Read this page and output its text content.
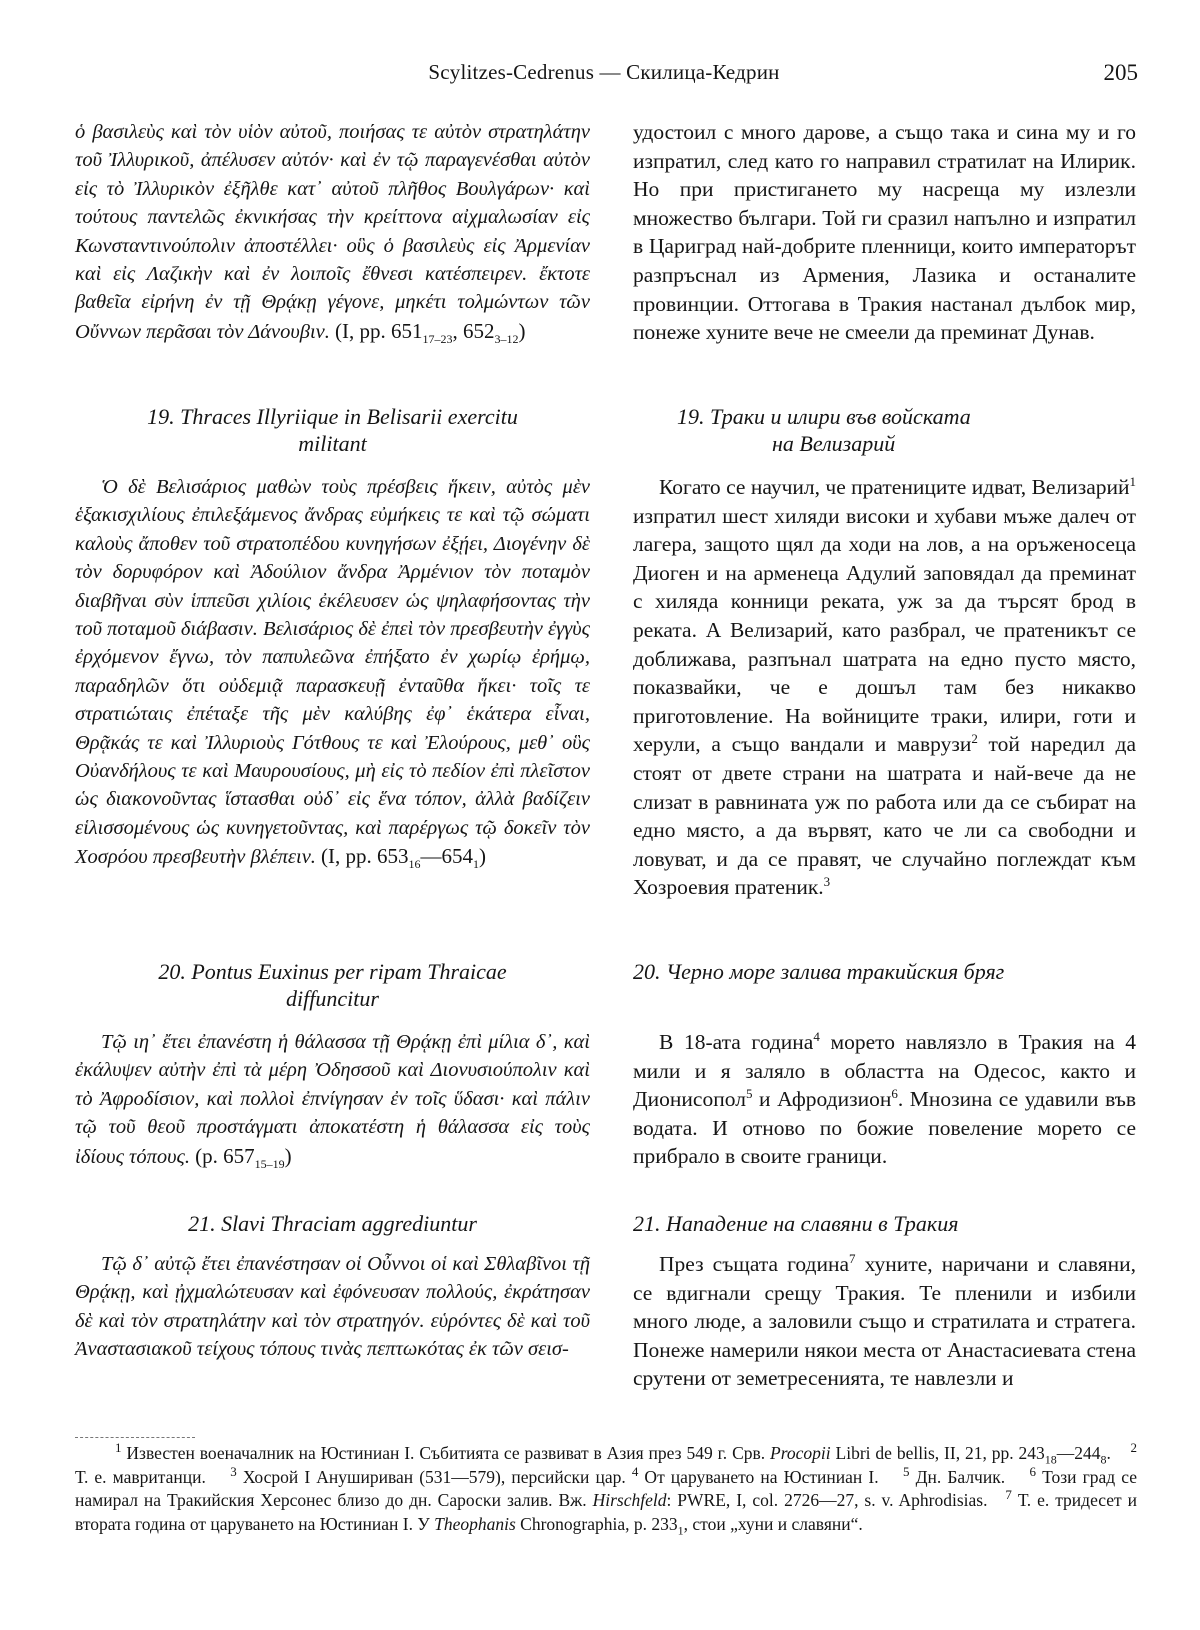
Scylitzes-Cedrenus — Скилица-Кедрин	205

ὁ βασιλεὺς καὶ τὸν υἱὸν αὐτοῦ, ποιήσας τε αὐτὸν στρατηλάτην τοῦ Ἰλλυρικοῦ, ἀπέλυσεν αὐτόν· καὶ ἐν τῷ παραγενέσθαι αὐτὸν εἰς τὸ Ἰλλυρικὸν ἐξῆλθε κατ᾿ αὐτοῦ πλῆθος Βουλγάρων· καὶ τούτους παντελῶς ἐκνικήσας τὴν κρείττονα αἰχμαλωσίαν εἰς Κωνσταντινούπολιν ἀποστέλλει· οὓς ὁ βασιλεὺς εἰς Ἀρμενίαν καὶ εἰς Λαζικὴν καὶ ἐν λοιποῖς ἔθνεσι κατέσπειρεν. ἔκτοτε βαθεῖα εἰρήνη ἐν τῇ Θρᾴκῃ γέγονε, μηκέτι τολμώντων τῶν Οὔννων περᾶσαι τὸν Δάνουβιν. (I, pp. $651_{17-23}$, $652_{3-12}$)

удостоил с много дарове, а също така и сина му и го изпратил, след като го направил стратилат на Илирик. Но при пристигането му насреща му излезли множество българи. Той ги сразил напълно и изпратил в Цариград най-добрите пленници, които императорът разпръснал из Армения, Лазика и останалите провинции. Оттогава в Тракия настанал дълбок мир, понеже хуните вече не смеели да преминат Дунав.

19. Thraces Illyriique in Belisarii exercitu
militant

19. Траки и илири във войската
на Велизарий

Ὁ δὲ Βελισάριος μαθὼν τοὺς πρέσβεις ἥκειν, αὐτὸς μὲν ἑξακισχιλίους ἐπιλεξάμενος ἄνδρας εὐμήκεις τε καὶ τῷ σώματι καλοὺς ἄποθεν τοῦ στρατοπέδου κυνηγήσων ἐξῄει, Διογένην δὲ τὸν δορυφόρον καὶ Ἀδούλιον ἄνδρα Ἀρμένιον τὸν ποταμὸν διαβῆναι σὺν ἱππεῦσι χιλίοις ἐκέλευσεν ὡς ψηλαφήσοντας τὴν τοῦ ποταμοῦ διάβασιν. Βελισάριος δὲ ἐπεὶ τὸν πρεσβευτὴν ἐγγὺς ἐρχόμενον ἔγνω, τὸν παπυλεῶνα ἐπήξατο ἐν χωρίῳ ἐρήμῳ, παραδηλῶν ὅτι οὐδεμιᾷ παρασκευῇ ἐνταῦθα ἥκει· τοῖς τε στρατιώταις ἐπέταξε τῆς μὲν καλύβης ἐφ᾿ ἑκάτερα εἶναι, Θρᾷκάς τε καὶ Ἰλλυριοὺς Γότθους τε καὶ Ἐλούρους, μεθ᾿ οὓς Οὐανδήλους τε καὶ Μαυρουσίους, μὴ εἰς τὸ πεδίον ἐπὶ πλεῖστον ὡς διακονοῦντας ἵστασθαι οὐδ᾿ εἰς ἕνα τόπον, ἀλλὰ βαδίζειν εἱλισσομένους ὡς κυνηγετοῦντας, καὶ παρέργως τῷ δοκεῖν τὸν Χοσρόου πρεσβευτὴν βλέπειν. (I, pp. $653_{16}—654_1$)

Когато се научил, че пратениците идват, Велизарий$^1$ изпратил шест хиляди високи и хубави мъже далеч от лагера, защото щял да ходи на лов, а на оръженосеца Диоген и на арменеца Адулий заповядал да преминат с хиляда конници реката, уж за да търсят брод в реката. А Велизарий, като разбрал, че пратеникът се доближава, разпънал шатрата на едно пусто място, показвайки, че е дошъл там без никакво приготовление. На войниците траки, илири, готи и херули, а също вандали и маврузи$^2$ той наредил да стоят от двете страни на шатрата и най-вече да не слизат в равнината уж по работа или да се събират на едно място, а да вървят, като че ли са свободни и ловуват, и да се правят, че случайно поглеждат към Хозроевия пратеник.$^3$

20. Pontus Euxinus per ripam Thraicae
diffuncitur

20. Черно море залива тракийския бряг

Τῷ ιη᾿ ἔτει ἐπανέστη ἡ θάλασσα τῇ Θρᾴκῃ ἐπὶ μίλια δ᾿, καὶ ἐκάλυψεν αὐτὴν ἐπὶ τὰ μέρη Ὀδησσοῦ καὶ Διονυσιούπολιν καὶ τὸ Ἀφροδίσιον, καὶ πολλοὶ ἐπνίγησαν ἐν τοῖς ὕδασι· καὶ πάλιν τῷ τοῦ θεοῦ προστάγματι ἀποκατέστη ἡ θάλασσα εἰς τοὺς ἰδίους τόπους. (p. $657_{15-19}$)

В 18-ата година$^4$ морето навлязло в Тракия на 4 мили и я заляло в областта на Одесос, както и Дионисопол$^5$ и Афродизион$^6$. Мнозина се удавили във водата. И отново по божие повеление морето се прибрало в своите граници.

21. Slavi Thraciam aggrediuntur	21. Нападение на славяни в Тракия

Τῷ δ᾿ αὐτῷ ἔτει ἐπανέστησαν οἱ Οὖννοι οἱ καὶ Σθλαβῖνοι τῇ Θρᾴκῃ, καὶ ᾐχμαλώτευσαν καὶ ἐφόνευσαν πολλούς, ἐκράτησαν δὲ καὶ τὸν στρατηλάτην καὶ τὸν στρατηγόν. εὑρόντες δὲ καὶ τοῦ Ἀναστασιακοῦ τείχους τόπους τινὰς πεπτωκότας ἐκ τῶν σεισ-

През същата година$^7$ хуните, наричани и славяни, се вдигнали срещу Тракия. Те пленили и избили много люде, а заловили също и стратилата и стратега. Понеже намерили някои места от Анастасиевата стена срутени от земетресенията, те навлезли и

$^1$ Известен военачалник на Юстиниан I. Събитията се развиват в Азия през 549 г. Срв. Procopii Libri de bellis, II, 21, pp. $243_{18}—244_8$. $^2$ Т. е. мавританци. $^3$ Хосрой I Анушириван (531—579), персийски цар. $^4$ От царуването на Юстиниан I. $^5$ Дн. Балчик. $^6$ Този град се намирал на Тракийския Херсонес близо до дн. Саросκи залив. Вж. Hirschfeld: PWRE, I, col. 2726—27, s. v. Aphrodisias. $^7$ Т. е. тридесет и втората година от царуването на Юстиниан I. У Theophanis Chronographia, p. $233_1$, стои „хуни и славяни“.
